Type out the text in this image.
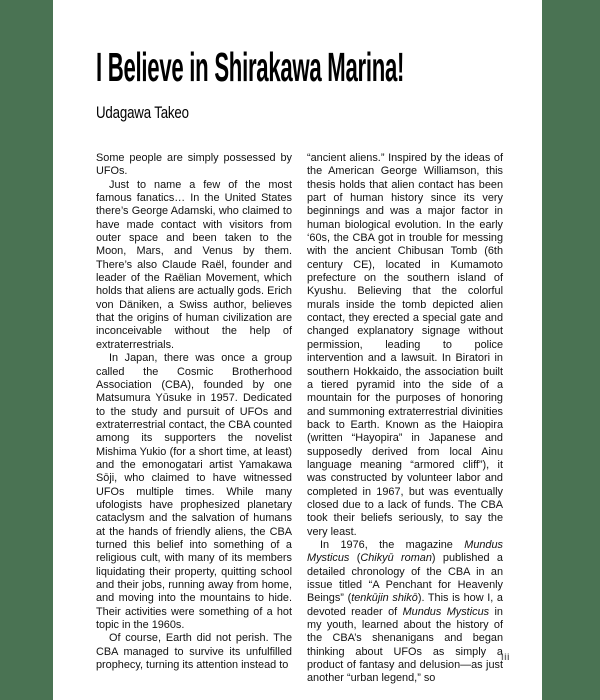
I Believe in Shirakawa Marina!
Udagawa Takeo

Some people are simply possessed by UFOs.

Just to name a few of the most famous fanatics… In the United States there’s George Adamski, who claimed to have made contact with visitors from outer space and been taken to the Moon, Mars, and Venus by them. There’s also Claude Raël, founder and leader of the Raëlian Movement, which holds that aliens are actually gods. Erich von Däniken, a Swiss author, believes that the origins of human civilization are inconceivable without the help of extraterrestrials.

In Japan, there was once a group called the Cosmic Brotherhood Association (CBA), founded by one Matsumura Yūsuke in 1957. Dedicated to the study and pursuit of UFOs and extraterrestrial contact, the CBA counted among its supporters the novelist Mishima Yukio (for a short time, at least) and the emonogatari artist Yamakawa Sōji, who claimed to have witnessed UFOs multiple times. While many ufologists have prophesized planetary cataclysm and the salvation of humans at the hands of friendly aliens, the CBA turned this belief into something of a religious cult, with many of its members liquidating their property, quitting school and their jobs, running away from home, and moving into the mountains to hide. Their activities were something of a hot topic in the 1960s.

Of course, Earth did not perish. The CBA managed to survive its unfulfilled prophecy, turning its attention instead to

“ancient aliens.” Inspired by the ideas of the American George Williamson, this thesis holds that alien contact has been part of human history since its very beginnings and was a major factor in human biological evolution. In the early ‘60s, the CBA got in trouble for messing with the ancient Chibusan Tomb (6th century CE), located in Kumamoto prefecture on the southern island of Kyushu. Believing that the colorful murals inside the tomb depicted alien contact, they erected a special gate and changed explanatory signage without permission, leading to police intervention and a lawsuit. In Biratori in southern Hokkaido, the association built a tiered pyramid into the side of a mountain for the purposes of honoring and summoning extraterrestrial divinities back to Earth. Known as the Haiopira (written “Hayopira” in Japanese and supposedly derived from local Ainu language meaning “armored cliff”), it was constructed by volunteer labor and completed in 1967, but was eventually closed due to a lack of funds. The CBA took their beliefs seriously, to say the very least.

In 1976, the magazine Mundus Mysticus (Chikyū roman) published a detailed chronology of the CBA in an issue titled “A Penchant for Heavenly Beings” (tenkūjin shikō). This is how I, a devoted reader of Mundus Mysticus in my youth, learned about the history of the CBA’s shenanigans and began thinking about UFOs as simply a product of fantasy and delusion—as just another “urban legend,” so

iii
